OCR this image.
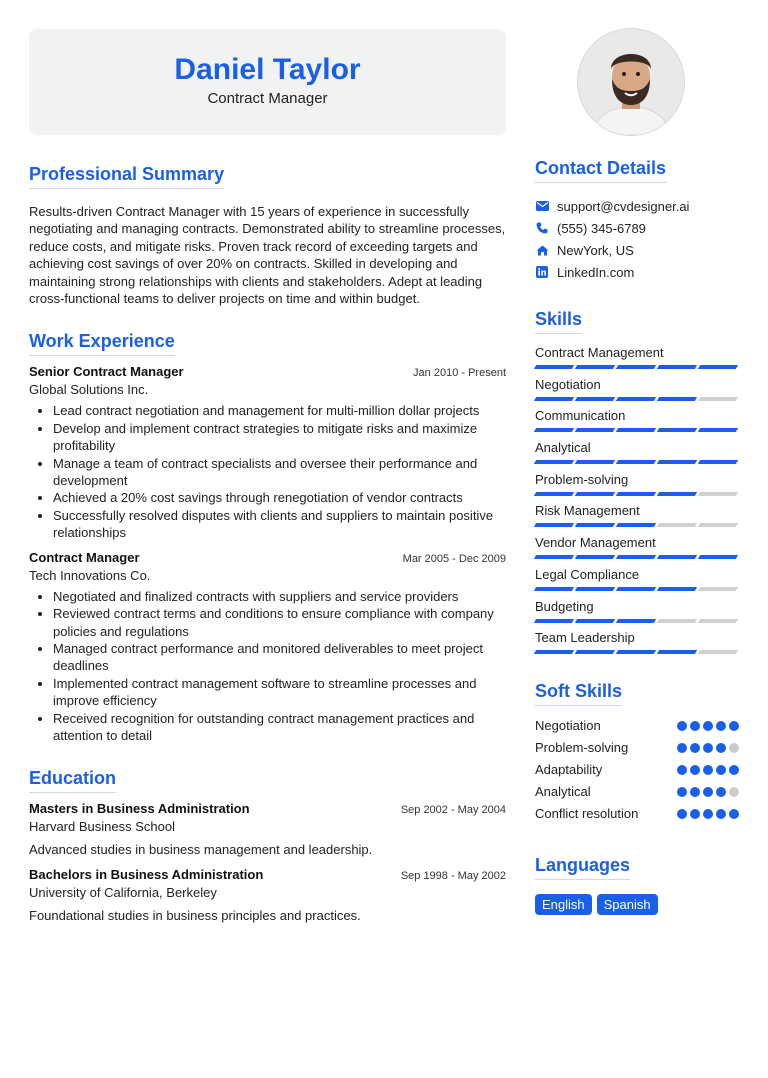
Daniel Taylor
Contract Manager
Professional Summary
Results-driven Contract Manager with 15 years of experience in successfully negotiating and managing contracts. Demonstrated ability to streamline processes, reduce costs, and mitigate risks. Proven track record of exceeding targets and achieving cost savings of over 20% on contracts. Skilled in developing and maintaining strong relationships with clients and stakeholders. Adept at leading cross-functional teams to deliver projects on time and within budget.
Work Experience
Senior Contract Manager	Jan 2010 - Present
Global Solutions Inc.
• Lead contract negotiation and management for multi-million dollar projects
• Develop and implement contract strategies to mitigate risks and maximize profitability
• Manage a team of contract specialists and oversee their performance and development
• Achieved a 20% cost savings through renegotiation of vendor contracts
• Successfully resolved disputes with clients and suppliers to maintain positive relationships
Contract Manager	Mar 2005 - Dec 2009
Tech Innovations Co.
• Negotiated and finalized contracts with suppliers and service providers
• Reviewed contract terms and conditions to ensure compliance with company policies and regulations
• Managed contract performance and monitored deliverables to meet project deadlines
• Implemented contract management software to streamline processes and improve efficiency
• Received recognition for outstanding contract management practices and attention to detail
Education
Masters in Business Administration	Sep 2002 - May 2004
Harvard Business School
Advanced studies in business management and leadership.
Bachelors in Business Administration	Sep 1998 - May 2002
University of California, Berkeley
Foundational studies in business principles and practices.
Contact Details
support@cvdesigner.ai
(555) 345-6789
NewYork, US
LinkedIn.com
Skills
Contract Management
Negotiation
Communication
Analytical
Problem-solving
Risk Management
Vendor Management
Legal Compliance
Budgeting
Team Leadership
Soft Skills
Negotiation
Problem-solving
Adaptability
Analytical
Conflict resolution
Languages
English	Spanish
